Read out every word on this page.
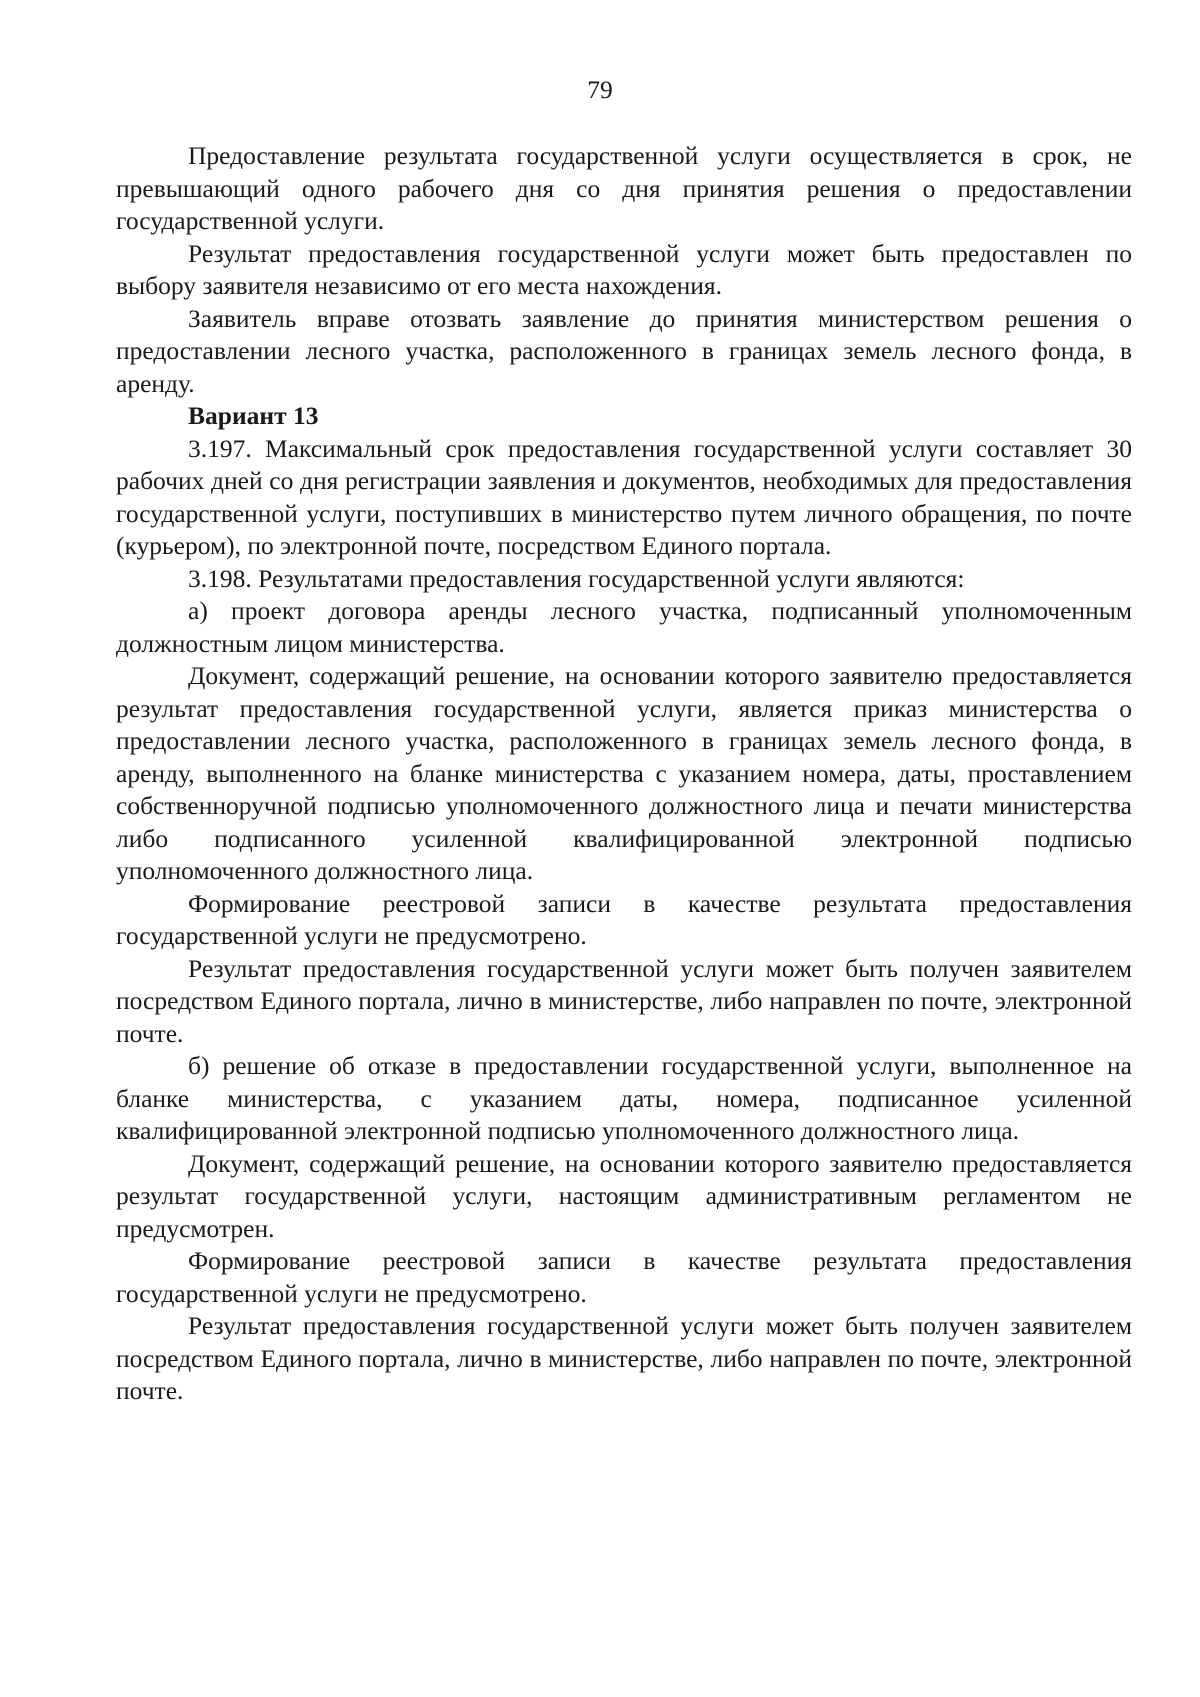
79

Предоставление результата государственной услуги осуществляется в срок, не превышающий одного рабочего дня со дня принятия решения о предоставлении государственной услуги.

Результат предоставления государственной услуги может быть предоставлен по выбору заявителя независимо от его места нахождения.

Заявитель вправе отозвать заявление до принятия министерством решения о предоставлении лесного участка, расположенного в границах земель лесного фонда, в аренду.

Вариант 13

3.197. Максимальный срок предоставления государственной услуги составляет 30 рабочих дней со дня регистрации заявления и документов, необходимых для предоставления государственной услуги, поступивших в министерство путем личного обращения, по почте (курьером), по электронной почте, посредством Единого портала.

3.198. Результатами предоставления государственной услуги являются:

а) проект договора аренды лесного участка, подписанный уполномоченным должностным лицом министерства.

Документ, содержащий решение, на основании которого заявителю предоставляется результат предоставления государственной услуги, является приказ министерства о предоставлении лесного участка, расположенного в границах земель лесного фонда, в аренду, выполненного на бланке министерства с указанием номера, даты, проставлением собственноручной подписью уполномоченного должностного лица и печати министерства либо подписанного усиленной квалифицированной электронной подписью уполномоченного должностного лица.

Формирование реестровой записи в качестве результата предоставления государственной услуги не предусмотрено.

Результат предоставления государственной услуги может быть получен заявителем посредством Единого портала, лично в министерстве, либо направлен по почте, электронной почте.

б) решение об отказе в предоставлении государственной услуги, выполненное на бланке министерства, с указанием даты, номера, подписанное усиленной квалифицированной электронной подписью уполномоченного должностного лица.

Документ, содержащий решение, на основании которого заявителю предоставляется результат государственной услуги, настоящим административным регламентом не предусмотрен.

Формирование реестровой записи в качестве результата предоставления государственной услуги не предусмотрено.

Результат предоставления государственной услуги может быть получен заявителем посредством Единого портала, лично в министерстве, либо направлен по почте, электронной почте.
